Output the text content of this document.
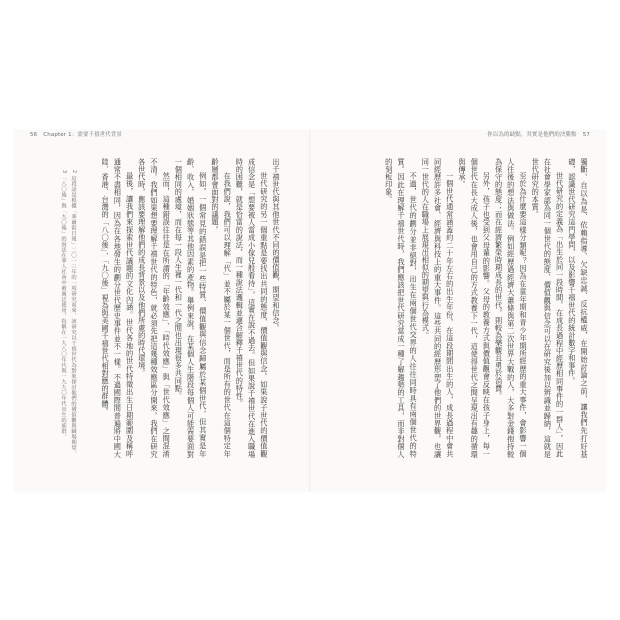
56 Chapter 1：需要千禧世代背景

出千禧世代與其他世代不同的價值觀、期望和信念。

世代研究的另一個重點是要找出共同的態度、價值觀與信念。如果說子世代的價值觀成信念是「想要被人當成小傢兒般看待」，這實在說不過去。但如果說千禧世代在進入職場時的困難，就是恰當的說法，而一種說法邏輯並適合解釋千禧世代的特性。

在我們說，我們可以理解「代」並不屬於某一個世代，而是所有的世代在這個特定年齡層都會面對的議題。

例如，一個常見的錯誤是把一些特質、價值觀與信念歸屬於某個世代，但其實是年齡、收入、婚姻狀態等其他因素的產物。舉例來說，在某個人生階段每個人可能需要面對一個相同的處境，而在每一段人生裡一代和一代之間也出現很多共同點。

然而，這種錯誤往往是在所謂的「年齡效應」、「時代效應」與「世代效應」之間混淆不清。我們如果想要理解千禧世代的特色，就必須先把這幾種效應區分開來。我們在研究各世代時，應該要理解他們的成長背景以及他們所處的時代環境。

最後，讓我們來探索世代議題的文化內涵。世代各地的世代特徵出生日期範圍及稱呼通常不盡相同，因為在各地發生的劃分世代歷史事件並不一樣。不過國際間普遍將中國大陸、香港、台灣的「八〇後」、「九〇後」視為與美國千禧世代相對應的群體。

2 這段話是根據「華爾街日報」二〇一三年的一項研究而來，該研究以千禧世代為對象探討他們的價值觀與職場期望。

3 「八〇後」與「九〇後」的說法在華人社會中被廣泛使用，指稱在一九八〇年代與一九九〇年代出生的族群。

你以為的缺點，其實是他們的決勝點 57

獨斷、自以為是、依賴指導、欠缺忠誠、反抗權威，在開始討論之前，讓我們先打好基礎，認識世代研究這門學問，以及影響千禧世代的統計數字和事件。

世代研究的定義為「出生於同一段時間，在成長過程中經歷相同事件的一群人」，因此在社會學家認為同一個世代的態度、價值觀與信念可以在研究後加以辨識並歸納，這就是世代研究的本質。

至於為什麼要這樣分類呢？因為在童年期和青少年期所經歷的重大事件，會影響一個人往後的想法與做法。例如經歷過經濟大蕭條與第二次世界大戰的人，大多對金錢抱持較為保守的態度；而在經濟繁榮時期成長的世代，則較為樂觀且勇於消費。

另外，孩子也受到父母輩的影響。父母的教養方式與價值觀會反映在孩子身上，每一個世代在長大成人後，也會用自己的方式教養下一代，這使得世代之間呈現出有趣的循環與傳承。

一個世代通常涵蓋約二十年左右的出生年份，在這段期間出生的人，成長過程中會共同經歷許多社會、經濟與科技上的重大事件。這些共同的經歷形塑了他們的世界觀，也讓同一世代的人在職場上展現出相似的期望與行為模式。

不過，世代的劃分並非絕對，出生在兩個世代交界的人往往同時具有兩個世代的特質。因此在理解千禧世代時，我們應該把世代研究當成一種了解趨勢的工具，而非對個人的刻板印象。
